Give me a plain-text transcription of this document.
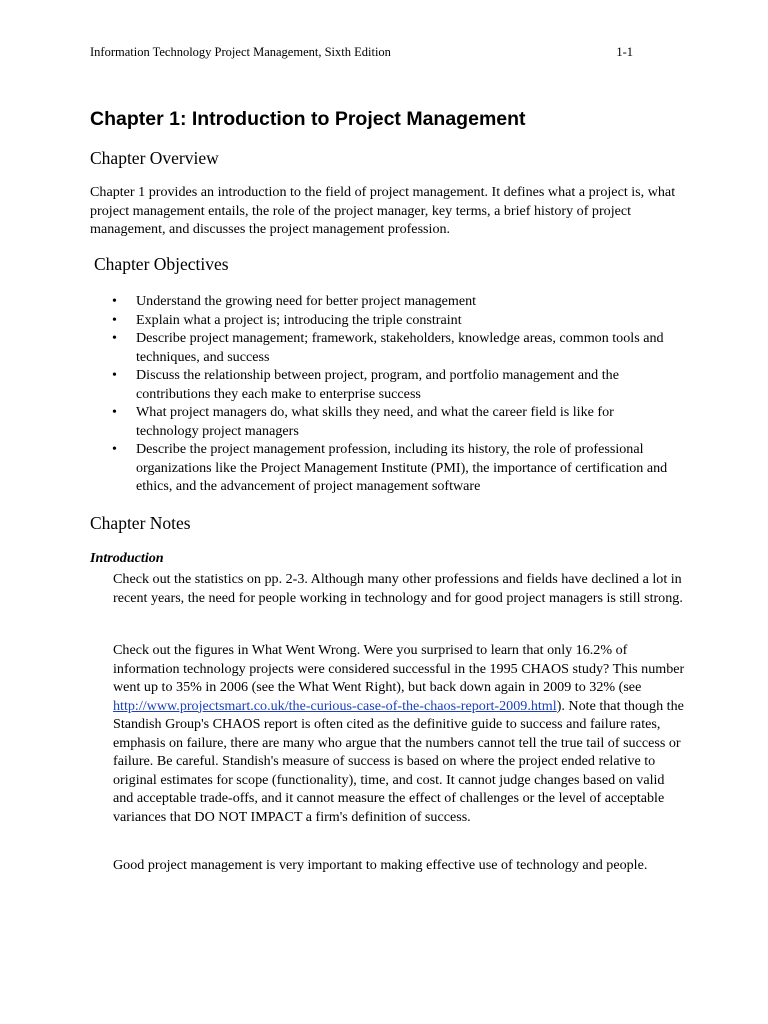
Information Technology Project Management, Sixth Edition	1-1
Chapter 1: Introduction to Project Management
Chapter Overview

Chapter 1 provides an introduction to the field of project management. It defines what a project is, what project management entails, the role of the project manager, key terms, a brief history of project management, and discusses the project management profession.

Chapter Objectives
• Understand the growing need for better project management
• Explain what a project is; introducing the triple constraint
• Describe project management; framework, stakeholders, knowledge areas, common tools and techniques, and success
• Discuss the relationship between project, program, and portfolio management and the contributions they each make to enterprise success
• What project managers do, what skills they need, and what the career field is like for technology project managers
• Describe the project management profession, including its history, the role of professional organizations like the Project Management Institute (PMI), the importance of certification and ethics, and the advancement of project management software
Chapter Notes
Introduction

Check out the statistics on pp. 2-3. Although many other professions and fields have declined a lot in recent years, the need for people working in technology and for good project managers is still strong.

Check out the figures in What Went Wrong. Were you surprised to learn that only 16.2% of information technology projects were considered successful in the 1995 CHAOS study? This number went up to 35% in 2006 (see the What Went Right), but back down again in 2009 to 32% (see http://www.projectsmart.co.uk/the-curious-case-of-the-chaos-report-2009.html). Note that though the Standish Group's CHAOS report is often cited as the definitive guide to success and failure rates, emphasis on failure, there are many who argue that the numbers cannot tell the true tail of success or failure. Be careful. Standish's measure of success is based on where the project ended relative to original estimates for scope (functionality), time, and cost. It cannot judge changes based on valid and acceptable trade-offs, and it cannot measure the effect of challenges or the level of acceptable variances that DO NOT IMPACT a firm's definition of success.

Good project management is very important to making effective use of technology and people.
